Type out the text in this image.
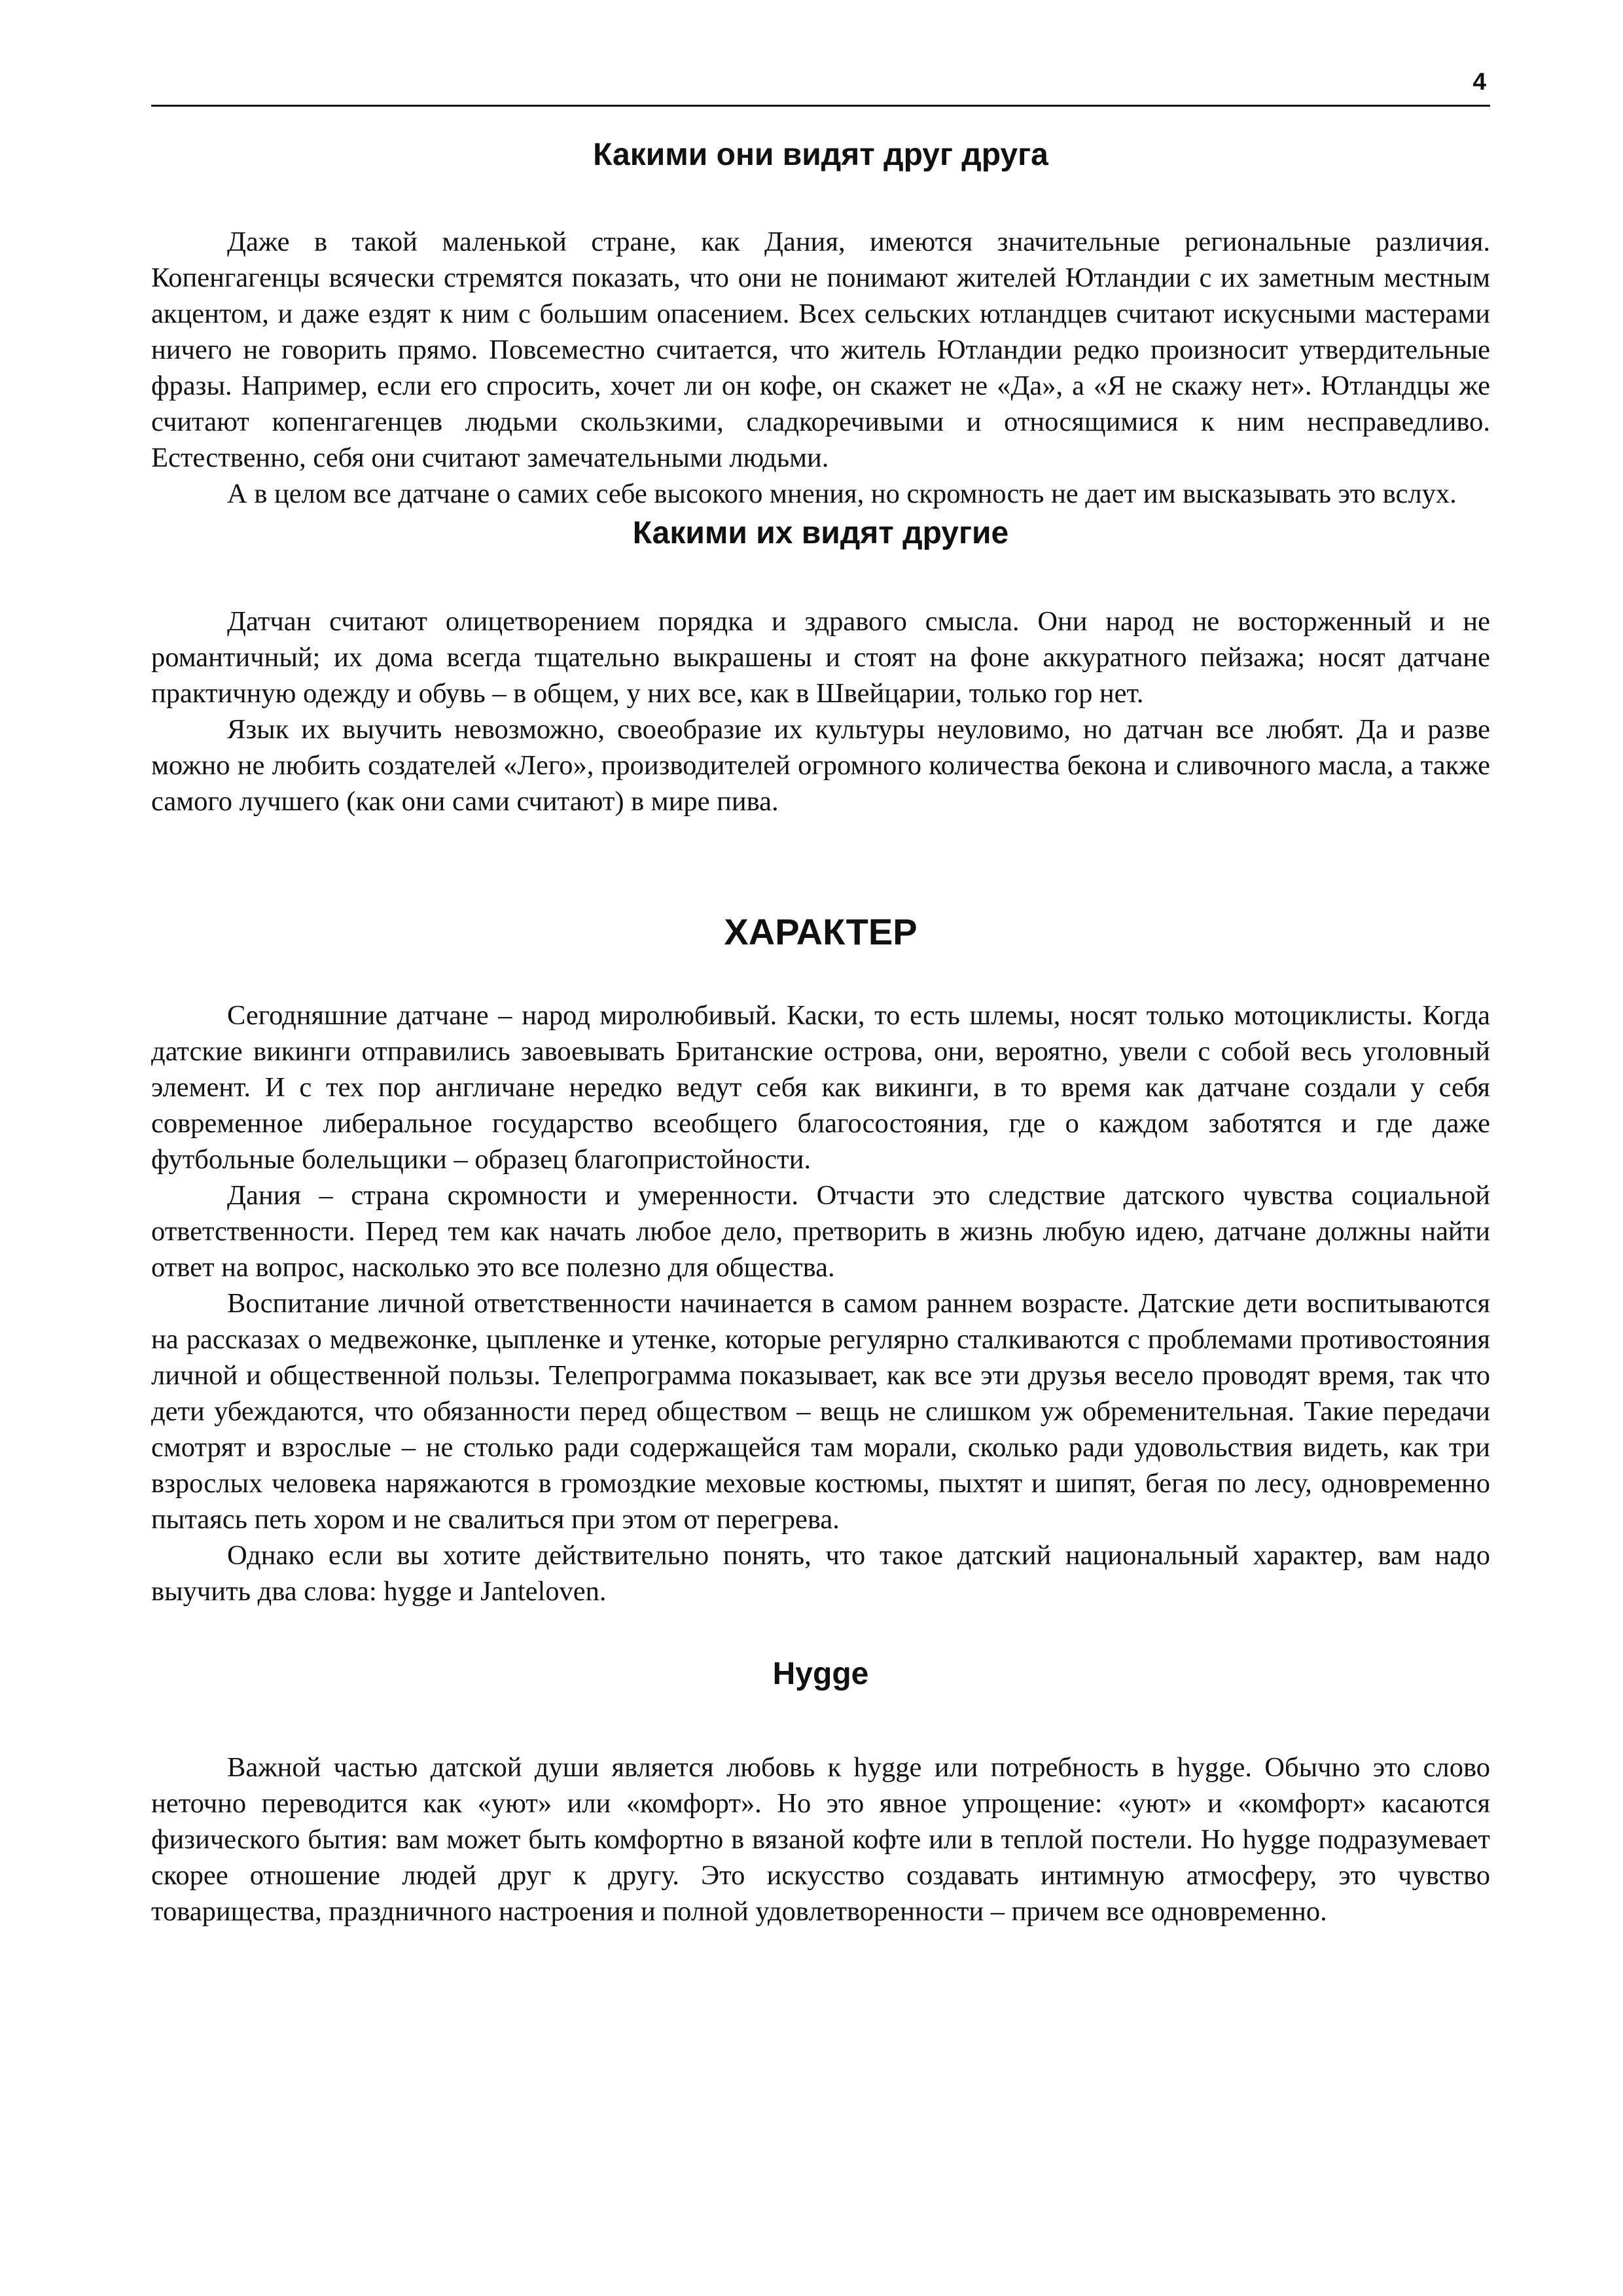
4
Какими они видят друг друга

Даже в такой маленькой стране, как Дания, имеются значительные региональные различия. Копенгагенцы всячески стремятся показать, что они не понимают жителей Ютландии с их заметным местным акцентом, и даже ездят к ним с большим опасением. Всех сельских ютландцев считают искусными мастерами ничего не говорить прямо. Повсеместно считается, что житель Ютландии редко произносит утвердительные фразы. Например, если его спросить, хочет ли он кофе, он скажет не «Да», а «Я не скажу нет». Ютландцы же считают копенгагенцев людьми скользкими, сладкоречивыми и относящимися к ним несправедливо. Естественно, себя они считают замечательными людьми.

А в целом все датчане о самих себе высокого мнения, но скромность не дает им высказывать это вслух.

Какими их видят другие

Датчан считают олицетворением порядка и здравого смысла. Они народ не восторженный и не романтичный; их дома всегда тщательно выкрашены и стоят на фоне аккуратного пейзажа; носят датчане практичную одежду и обувь – в общем, у них все, как в Швейцарии, только гор нет.

Язык их выучить невозможно, своеобразие их культуры неуловимо, но датчан все любят. Да и разве можно не любить создателей «Лего», производителей огромного количества бекона и сливочного масла, а также самого лучшего (как они сами считают) в мире пива.

ХАРАКТЕР

Сегодняшние датчане – народ миролюбивый. Каски, то есть шлемы, носят только мотоциклисты. Когда датские викинги отправились завоевывать Британские острова, они, вероятно, увели с собой весь уголовный элемент. И с тех пор англичане нередко ведут себя как викинги, в то время как датчане создали у себя современное либеральное государство всеобщего благосостояния, где о каждом заботятся и где даже футбольные болельщики – образец благопристойности.

Дания – страна скромности и умеренности. Отчасти это следствие датского чувства социальной ответственности. Перед тем как начать любое дело, претворить в жизнь любую идею, датчане должны найти ответ на вопрос, насколько это все полезно для общества.

Воспитание личной ответственности начинается в самом раннем возрасте. Датские дети воспитываются на рассказах о медвежонке, цыпленке и утенке, которые регулярно сталкиваются с проблемами противостояния личной и общественной пользы. Телепрограмма показывает, как все эти друзья весело проводят время, так что дети убеждаются, что обязанности перед обществом – вещь не слишком уж обременительная. Такие передачи смотрят и взрослые – не столько ради содержащейся там морали, сколько ради удовольствия видеть, как три взрослых человека наряжаются в громоздкие меховые костюмы, пыхтят и шипят, бегая по лесу, одновременно пытаясь петь хором и не свалиться при этом от перегрева.

Однако если вы хотите действительно понять, что такое датский национальный характер, вам надо выучить два слова: hygge и Janteloven.

Hygge

Важной частью датской души является любовь к hygge или потребность в hygge. Обычно это слово неточно переводится как «уют» или «комфорт». Но это явное упрощение: «уют» и «комфорт» касаются физического бытия: вам может быть комфортно в вязаной кофте или в теплой постели. Но hygge подразумевает скорее отношение людей друг к другу. Это искусство создавать интимную атмосферу, это чувство товарищества, праздничного настроения и полной удовлетворенности – причем все одновременно.
